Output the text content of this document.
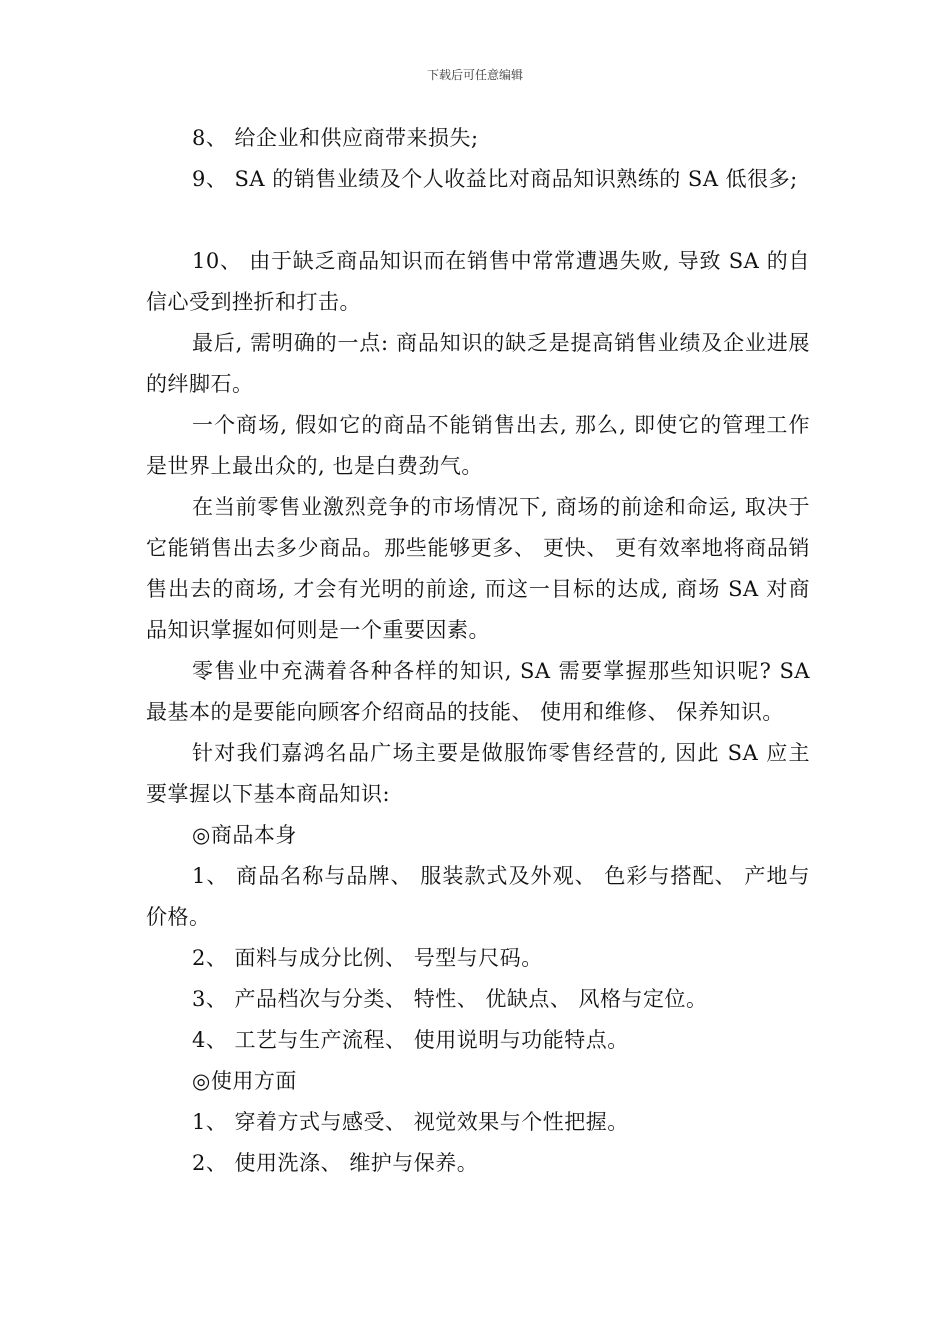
下载后可任意编辑

8、 给企业和供应商带来损失;

9、 SA 的销售业绩及个人收益比对商品知识熟练的 SA 低很多;

10、 由于缺乏商品知识而在销售中常常遭遇失败, 导致 SA 的自信心受到挫折和打击。

最后, 需明确的一点: 商品知识的缺乏是提高销售业绩及企业进展的绊脚石。

一个商场, 假如它的商品不能销售出去, 那么, 即使它的管理工作是世界上最出众的, 也是白费劲气。

在当前零售业激烈竞争的市场情况下, 商场的前途和命运, 取决于它能销售出去多少商品。那些能够更多、 更快、 更有效率地将商品销售出去的商场, 才会有光明的前途, 而这一目标的达成, 商场 SA 对商品知识掌握如何则是一个重要因素。

零售业中充满着各种各样的知识, SA 需要掌握那些知识呢? SA 最基本的是要能向顾客介绍商品的技能、 使用和维修、 保养知识。

针对我们嘉鸿名品广场主要是做服饰零售经营的, 因此 SA 应主要掌握以下基本商品知识:

◎商品本身

1、 商品名称与品牌、 服装款式及外观、 色彩与搭配、 产地与价格。

2、 面料与成分比例、 号型与尺码。

3、 产品档次与分类、 特性、 优缺点、 风格与定位。

4、 工艺与生产流程、 使用说明与功能特点。

◎使用方面

1、 穿着方式与感受、 视觉效果与个性把握。

2、 使用洗涤、 维护与保养。
